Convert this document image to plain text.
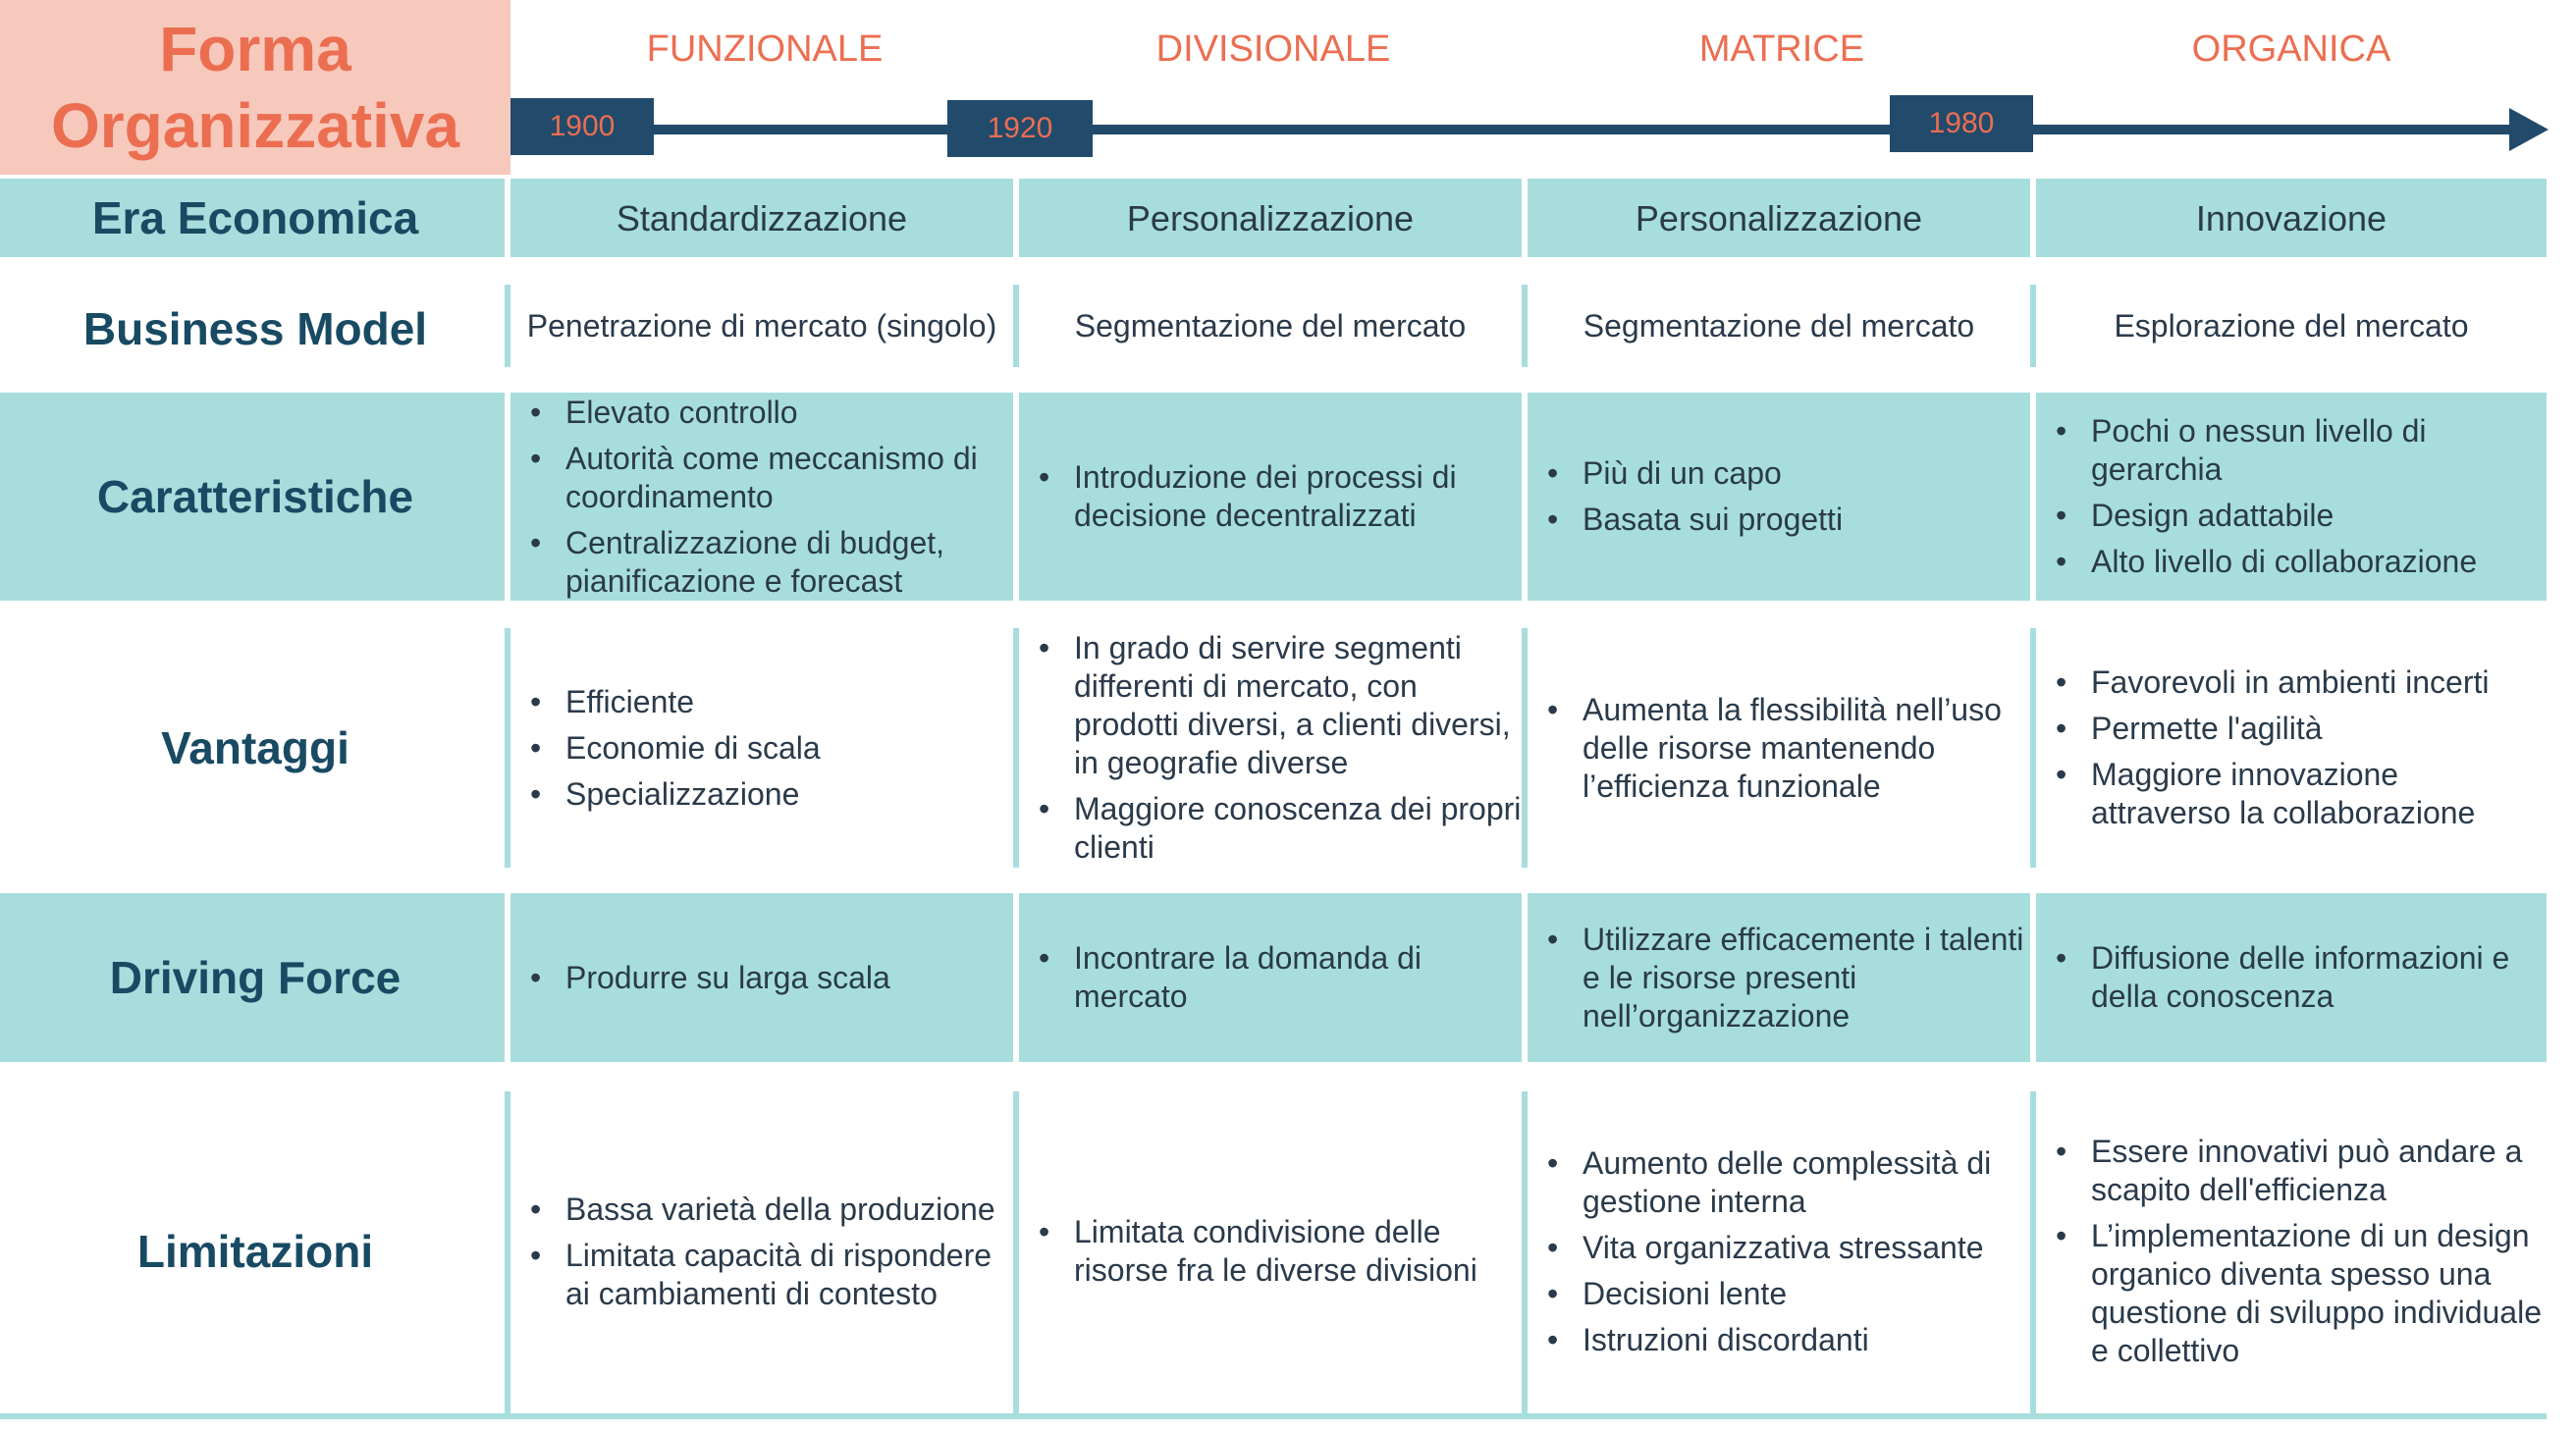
Forma
Organizzativa
FUNZIONALE	DIVISIONALE	MATRICE	ORGANICA
1900	1920	1980
Era Economica	Standardizzazione	Personalizzazione	Personalizzazione	Innovazione
Business Model	Penetrazione di mercato (singolo)	Segmentazione del mercato	Segmentazione del mercato	Esplorazione del mercato
Caratteristiche
• Elevato controllo
• Autorità come meccanismo di coordinamento
• Centralizzazione di budget, pianificazione e forecast
• Introduzione dei processi di decisione decentralizzati
• Più di un capo
• Basata sui progetti
• Pochi o nessun livello di gerarchia
• Design adattabile
• Alto livello di collaborazione
Vantaggi
• Efficiente
• Economie di scala
• Specializzazione
• In grado di servire segmenti differenti di mercato, con prodotti diversi, a clienti diversi, in geografie diverse
• Maggiore conoscenza dei propri clienti
• Aumenta la flessibilità nell’uso delle risorse mantenendo l’efficienza funzionale
• Favorevoli in ambienti incerti
• Permette l'agilità
• Maggiore innovazione attraverso la collaborazione
Driving Force
•	Produrre su larga scala
• Incontrare la domanda di mercato
• Utilizzare efficacemente i talenti e le risorse presenti nell’organizzazione
• Diffusione delle informazioni e della conoscenza
Limitazioni
• Bassa varietà della produzione
• Limitata capacità di rispondere ai cambiamenti di contesto
• Limitata condivisione delle risorse fra le diverse divisioni
• Aumento delle complessità di gestione interna
• Vita organizzativa stressante
• Decisioni lente
• Istruzioni discordanti
• Essere innovativi può andare a scapito dell'efficienza
• L’implementazione di un design organico diventa spesso una questione di sviluppo individuale e collettivo
